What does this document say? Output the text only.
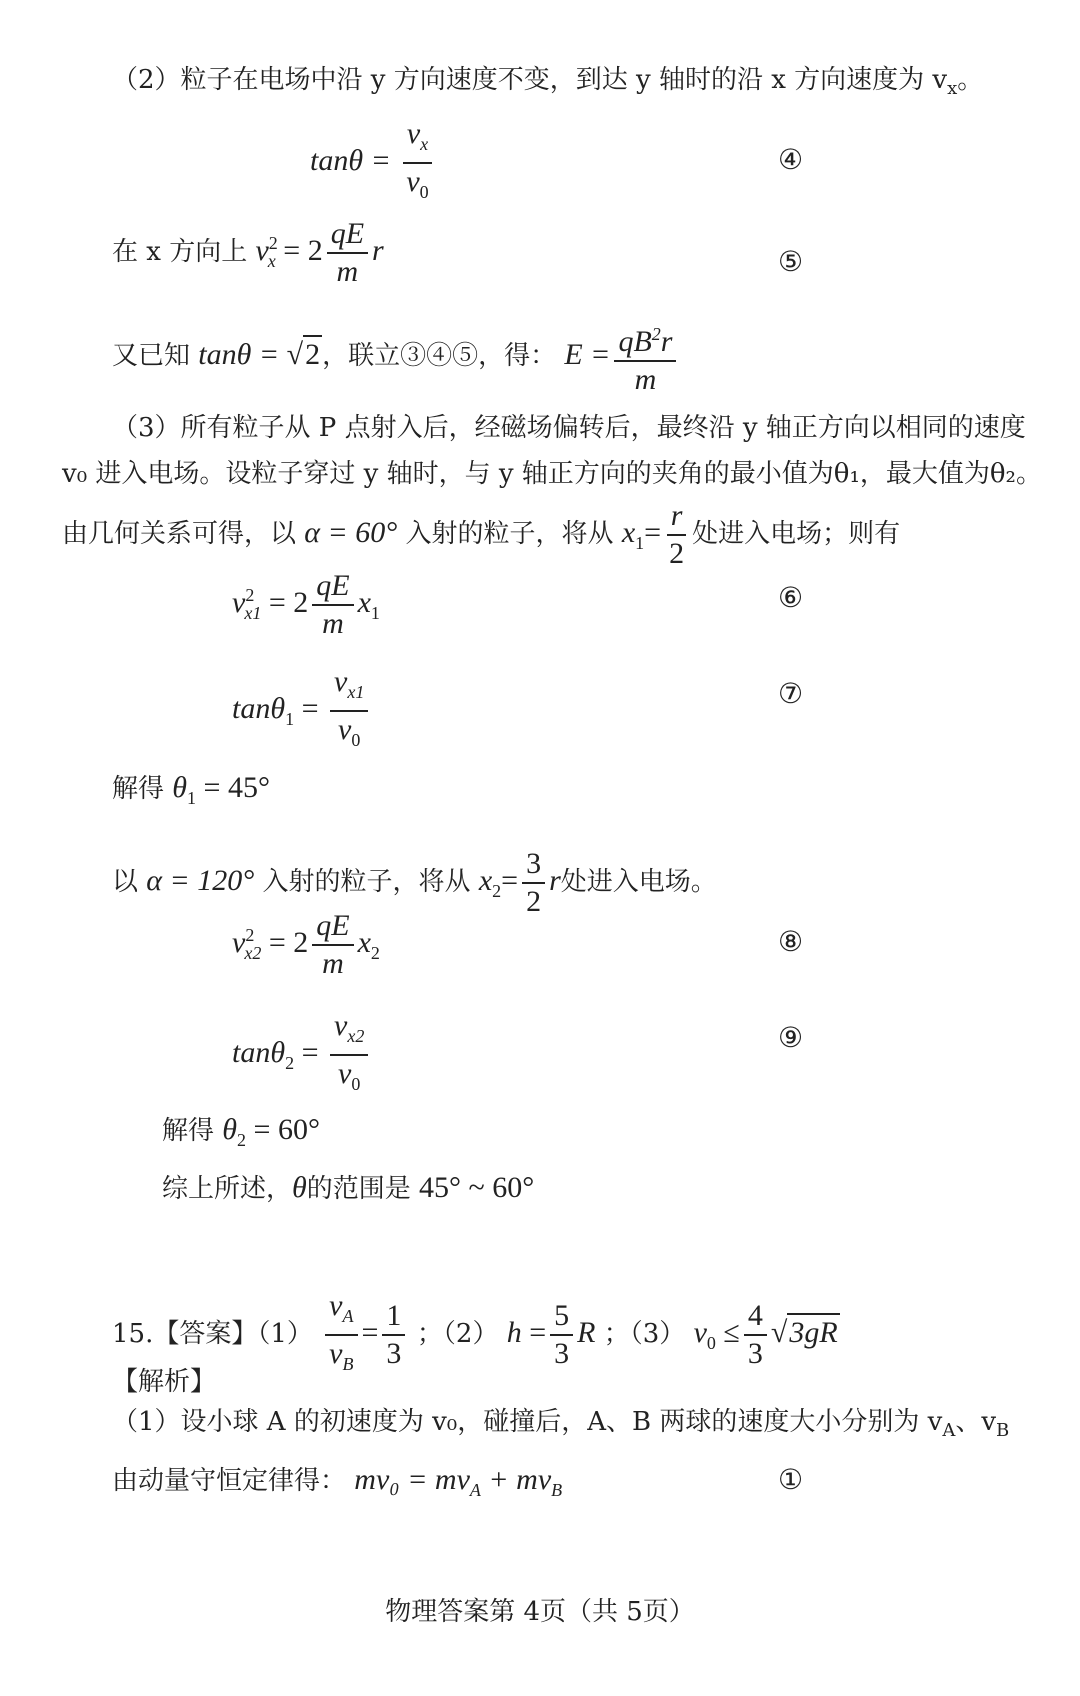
（2）粒子在电场中沿 y 方向速度不变，到达 y 轴时的沿 x 方向速度为 $v_x$。
$\tan\theta = \frac{v_x}{v_0}$	④
在 x 方向上 $v^2_x = 2 \frac{qE}{m}$ r	⑤
又已知 tanθ = √2，联立③④⑤，得： $E = \frac{qB^2r}{m}$
（3）所有粒子从 P 点射入后，经磁场偏转后，最终沿 y 轴正方向以相同的速度
v₀ 进入电场。设粒子穿过 y 轴时，与 y 轴正方向的夹角的最小值为θ₁，最大值为θ₂。
由几何关系可得，以 α = 60° 入射的粒子，将从 $x_1= \frac{r}{2}$ 处进入电场；则有
$v^2_{x1} = 2 \frac{qE}{m} x_1$	⑥
$\tan\theta_1 = \frac{v_{x1}}{v_0}$	⑦
解得 $\theta_1 = 45^\circ$
以 α = 120° 入射的粒子，将从 $x_2= \frac{3}{2}$ r处进入电场。
$v^2_{x2} = 2 \frac{qE}{m} x_2$	⑧
$\tan\theta_2 = \frac{v_{x2}}{v_0}$	⑨
解得 $\theta_2 = 60^\circ$
综上所述，θ的范围是 45° ~ 60°
15.【答案】$(1) \frac{v_A}{v_B} = \frac{1}{3}$ ；（2） $h = \frac{5}{3}$ R ；（3） $v_0 \le \frac{4}{3} √3gR$
【解析】
（1）设小球 A 的初速度为 v₀，碰撞后，A、B 两球的速度大小分别为 $v_A$、$v_B$
由动量守恒定律得： $mv_0 = mv_A + mv_B$	①
物理答案第 4页（共 5页）
